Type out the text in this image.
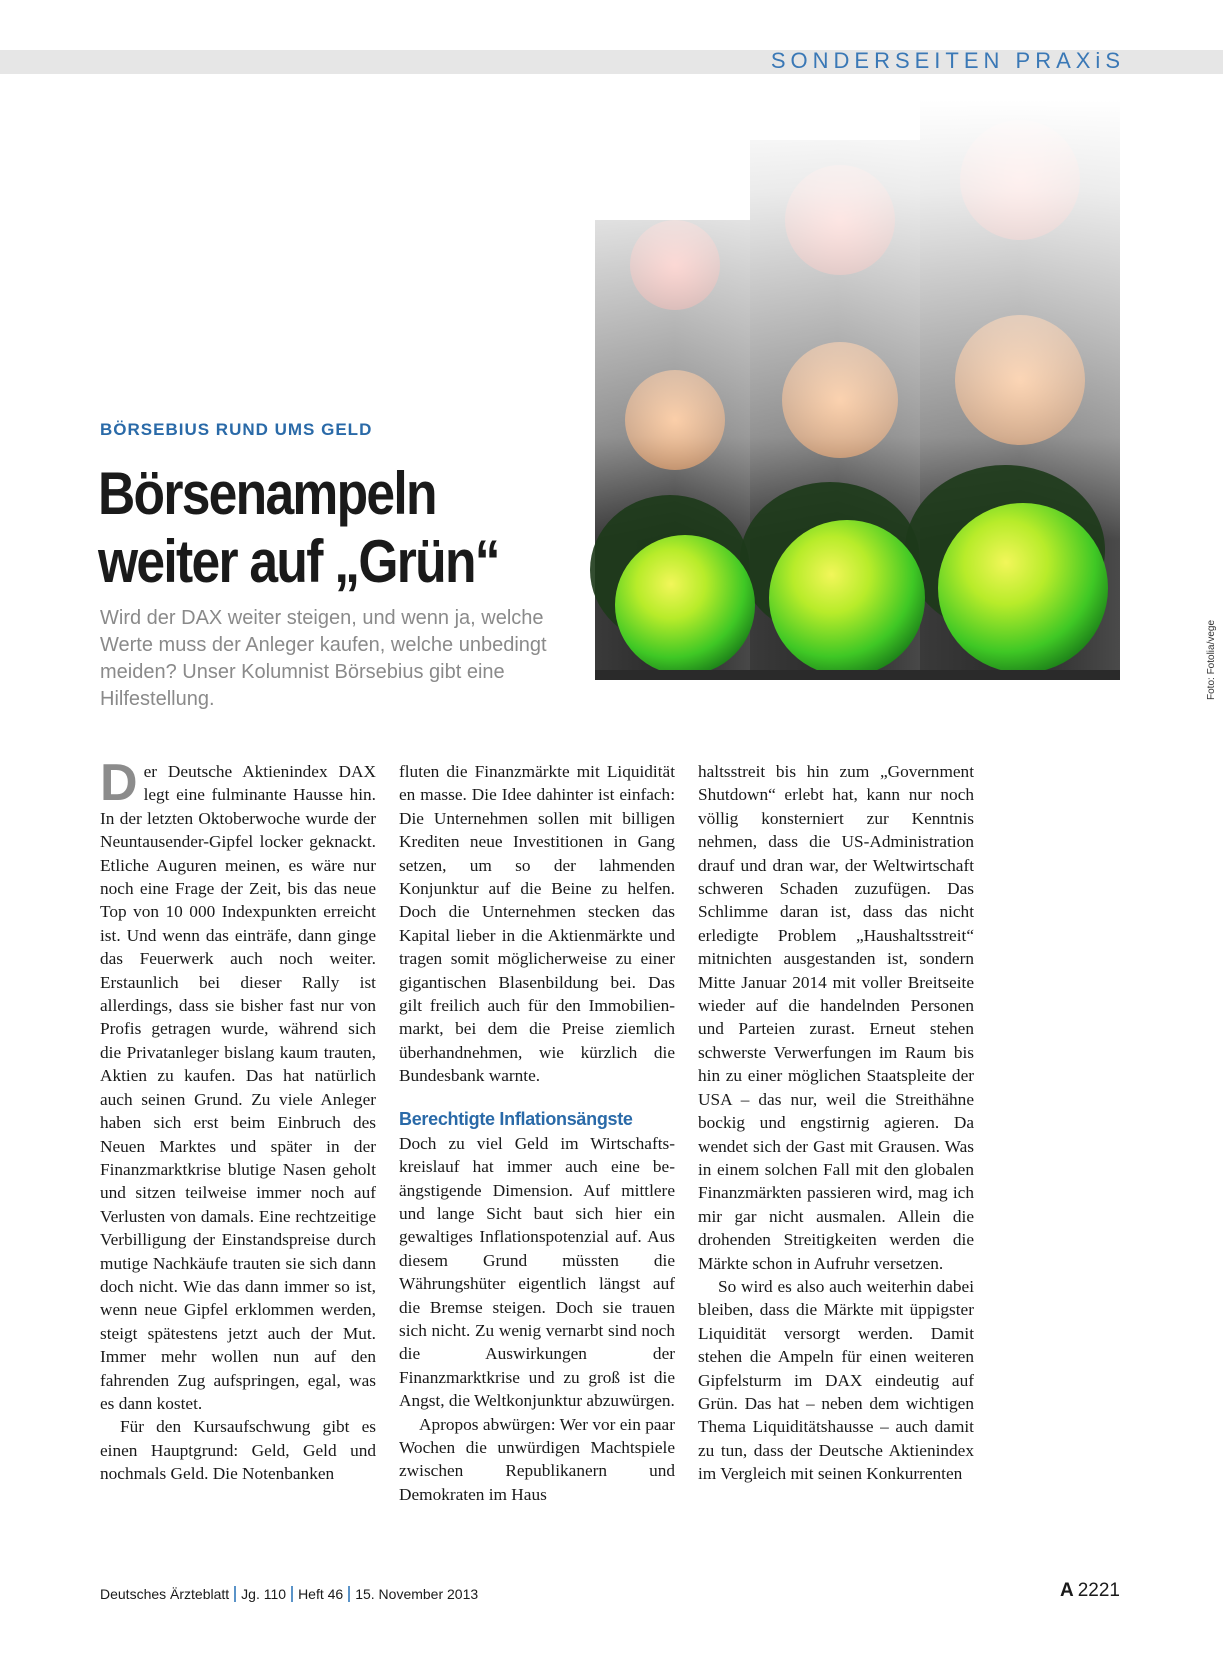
SONDERSEITEN PRAXiS
Foto: Fotolia/vege
BÖRSEBIUS RUND UMS GELD
Börsenampeln
weiter auf „Grün“

Wird der DAX weiter steigen, und wenn ja, welche Werte muss der Anleger kaufen, welche unbedingt meiden? Unser Kolumnist Börsebius gibt eine Hilfestellung.

Der Deutsche Aktienindex DAX legt eine fulminante Hausse hin. In der letzten Oktoberwoche wurde der Neuntausender-Gipfel locker geknackt. Etliche Auguren meinen, es wäre nur noch eine Frage der Zeit, bis das neue Top von 10 000 Indexpunkten erreicht ist. Und wenn das einträfe, dann ginge das Feuerwerk auch noch weiter. Erstaunlich bei dieser Rally ist allerdings, dass sie bisher fast nur von Profis getragen wurde, während sich die Privatanleger bislang kaum trauten, Aktien zu kaufen. Das hat natürlich auch seinen Grund. Zu viele Anleger haben sich erst beim Einbruch des Neuen Marktes und später in der Finanzmarktkrise blutige Nasen geholt und sitzen teilweise immer noch auf Verlusten von damals. Eine rechtzeitige Verbilligung der Einstandspreise durch mutige Nachkäufe trauten sie sich dann doch nicht. Wie das dann immer so ist, wenn neue Gipfel erklommen werden, steigt spätestens jetzt auch der Mut. Immer mehr wollen nun auf den fahrenden Zug aufspringen, egal, was es dann kostet.

Für den Kursaufschwung gibt es einen Hauptgrund: Geld, Geld und nochmals Geld. Die Notenbanken

fluten die Finanzmärkte mit Liquidität en masse. Die Idee dahinter ist einfach: Die Unternehmen sollen mit billigen Krediten neue Investitionen in Gang setzen, um so der lahmenden Konjunktur auf die Beine zu helfen. Doch die Unternehmen stecken das Kapital lieber in die Aktienmärkte und tragen somit möglicherweise zu einer gigantischen Blasenbildung bei. Das gilt freilich auch für den Immobilienmarkt, bei dem die Preise ziemlich überhandnehmen, wie kürzlich die Bundesbank warnte.

Berechtigte Inflationsängste

Doch zu viel Geld im Wirtschaftskreislauf hat immer auch eine beängstigende Dimension. Auf mittlere und lange Sicht baut sich hier ein gewaltiges Inflationspotenzial auf. Aus diesem Grund müssten die Währungshüter eigentlich längst auf die Bremse steigen. Doch sie trauen sich nicht. Zu wenig vernarbt sind noch die Auswirkungen der Finanzmarktkrise und zu groß ist die Angst, die Weltkonjunktur abzuwürgen.

Apropos abwürgen: Wer vor ein paar Wochen die unwürdigen Machtspiele zwischen Republikanern und Demokraten im Haus

haltsstreit bis hin zum „Government Shutdown“ erlebt hat, kann nur noch völlig konsterniert zur Kenntnis nehmen, dass die US-Administration drauf und dran war, der Weltwirtschaft schweren Schaden zuzufügen. Das Schlimme daran ist, dass das nicht erledigte Problem „Haushaltsstreit“ mitnichten ausgestanden ist, sondern Mitte Januar 2014 mit voller Breitseite wieder auf die handelnden Personen und Parteien zurast. Erneut stehen schwerste Verwerfungen im Raum bis hin zu einer möglichen Staatspleite der USA – das nur, weil die Streithähne bockig und engstirnig agieren. Da wendet sich der Gast mit Grausen. Was in einem solchen Fall mit den globalen Finanzmärkten passieren wird, mag ich mir gar nicht ausmalen. Allein die drohenden Streitigkeiten werden die Märkte schon in Aufruhr versetzen.

So wird es also auch weiterhin dabei bleiben, dass die Märkte mit üppigster Liquidität versorgt werden. Damit stehen die Ampeln für einen weiteren Gipfelsturm im DAX eindeutig auf Grün. Das hat – neben dem wichtigen Thema Liquiditätshausse – auch damit zu tun, dass der Deutsche Aktienindex im Vergleich mit seinen Konkurrenten

Deutsches Ärzteblatt Jg. 110 Heft 46 15. November 2013	A 2221
